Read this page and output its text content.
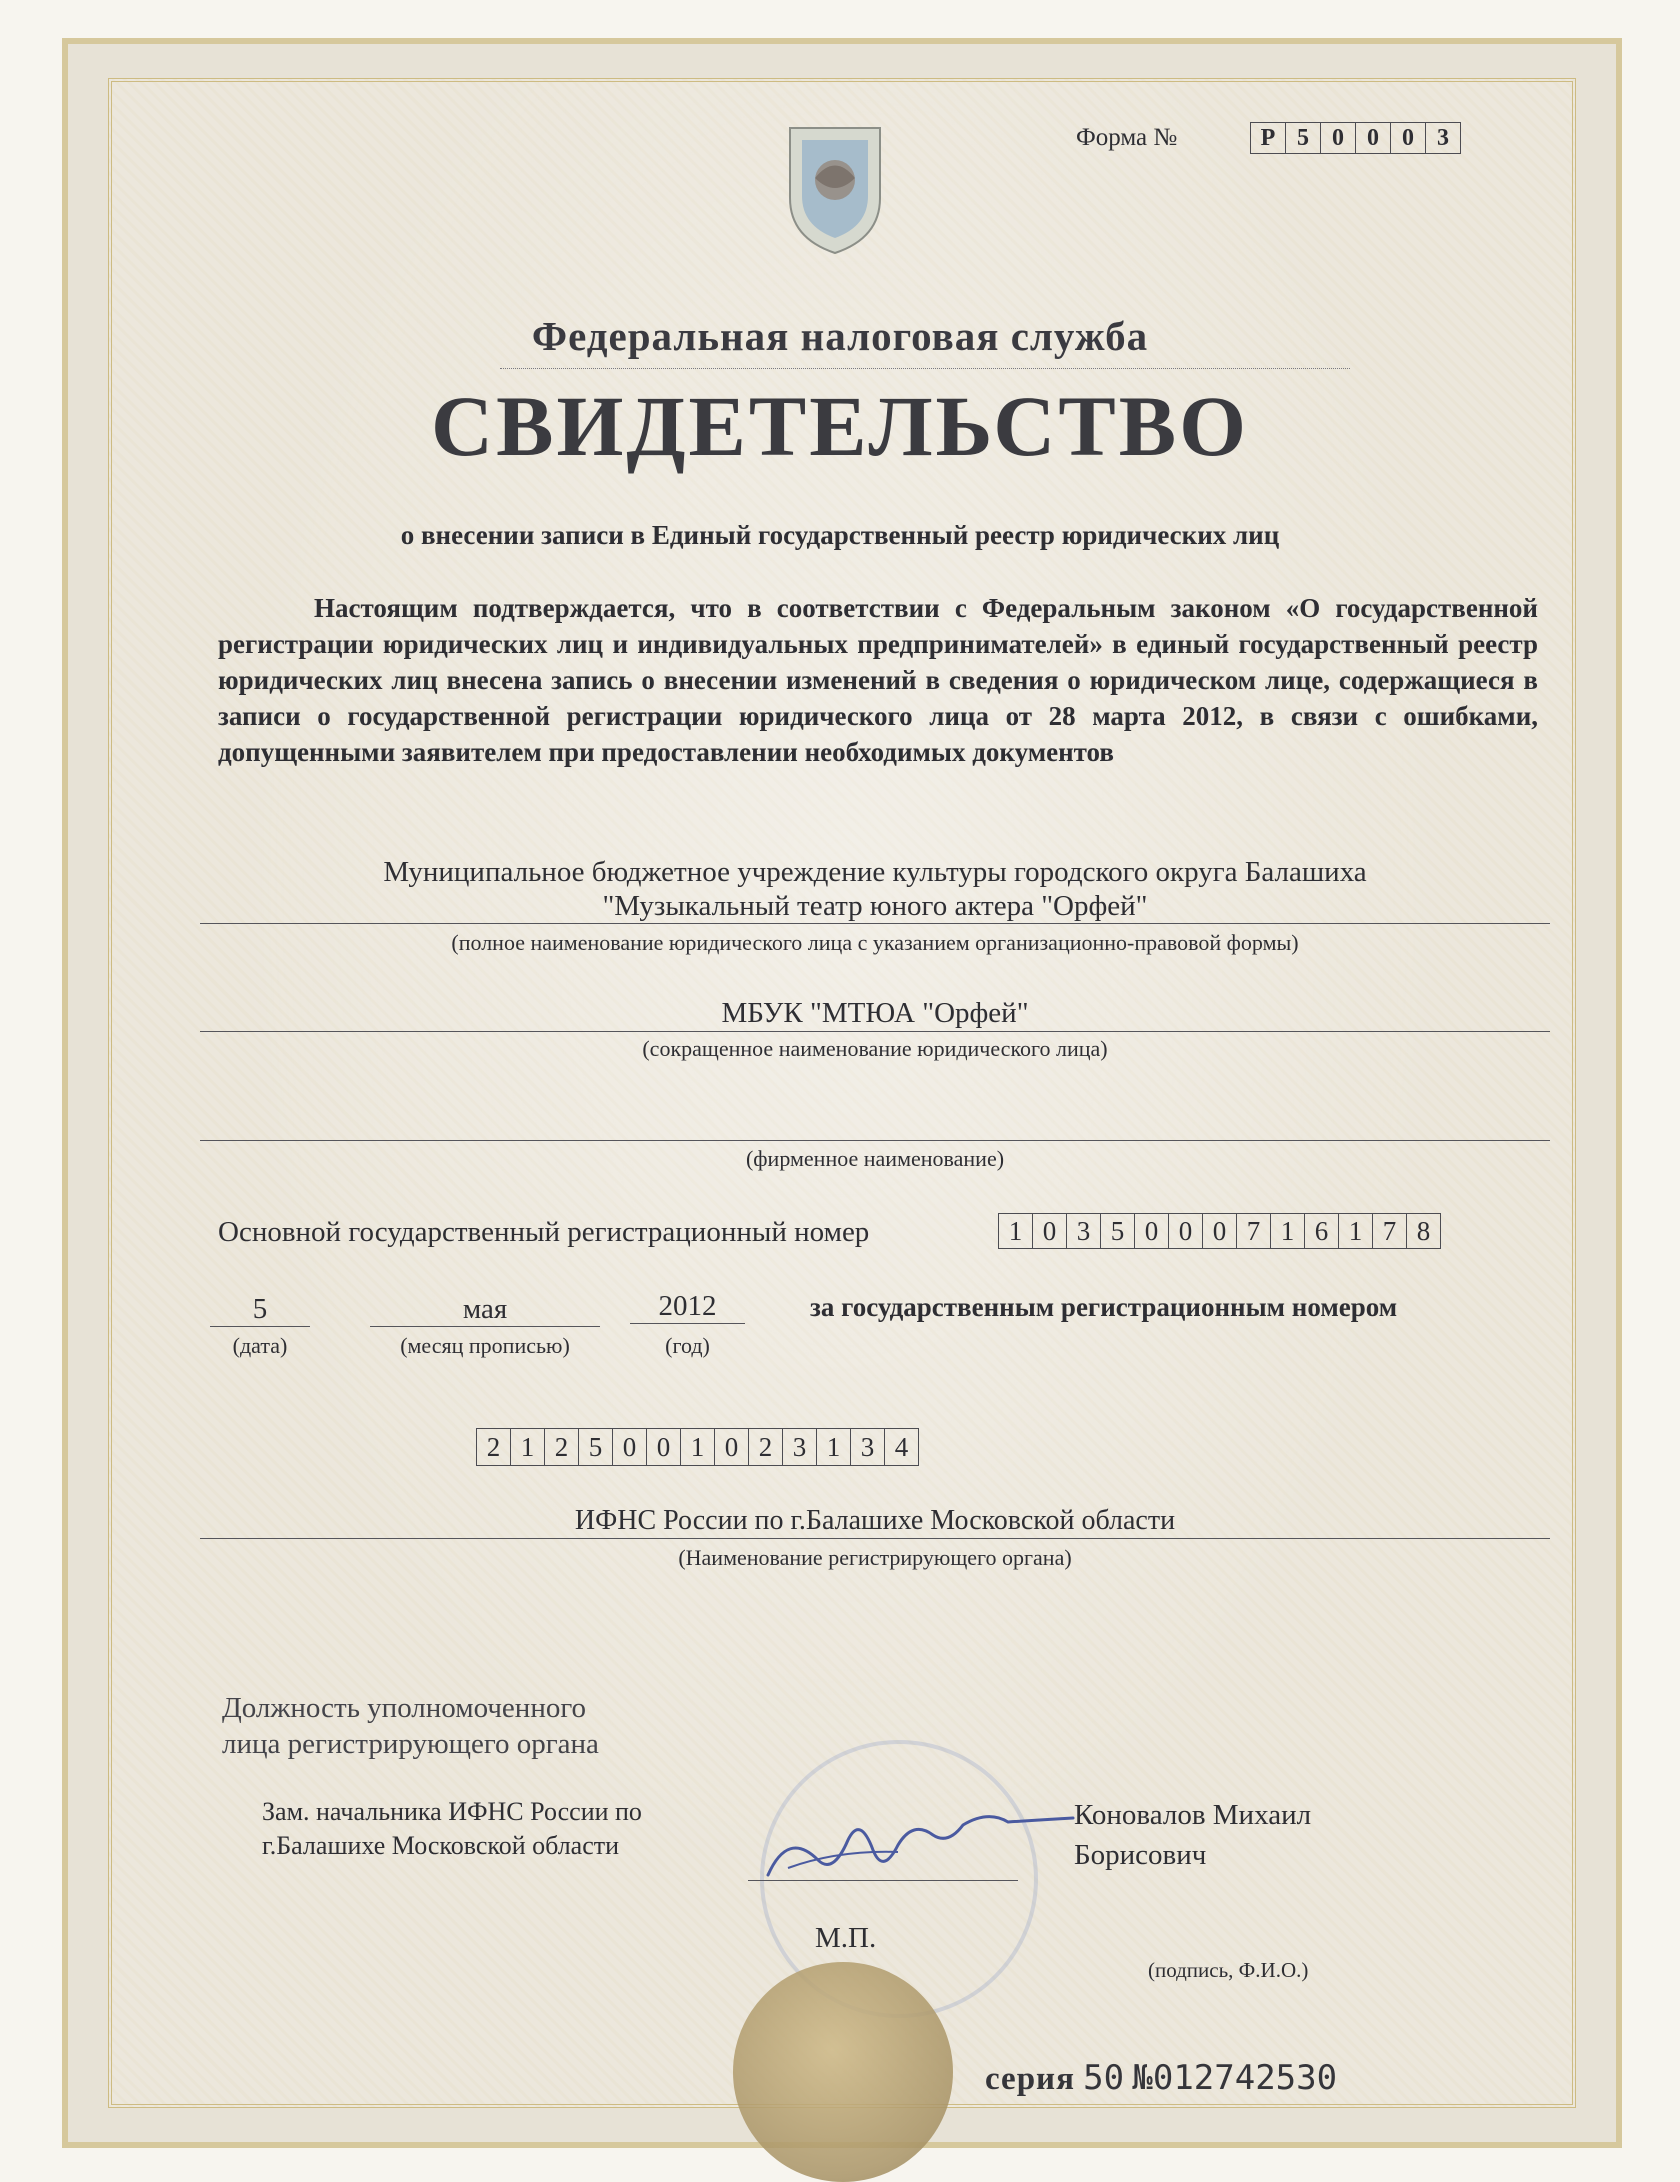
Форма №	Р 5 0 0 0 3
Федеральная налоговая служба
СВИДЕТЕЛЬСТВО
о внесении записи в Единый государственный реестр юридических лиц
Настоящим подтверждается, что в соответствии с Федеральным законом «О государственной регистрации юридических лиц и индивидуальных предпринимателей» в единый государственный реестр юридических лиц внесена запись о внесении изменений в сведения о юридическом лице, содержащиеся в записи о государственной регистрации юридического лица от 28 марта 2012, в связи с ошибками, допущенными заявителем при предоставлении необходимых документов
Муниципальное бюджетное учреждение культуры городского округа Балашиха
"Музыкальный театр юного актера "Орфей"
(полное наименование юридического лица с указанием организационно-правовой формы)
МБУК "МТЮА "Орфей"
(сокращенное наименование юридического лица)
(фирменное наименование)
Основной государственный регистрационный номер	1 0 3 5 0 0 0 7 1 6 1 7 8
5	мая	2012
(дата)	(месяц прописью)	(год)
за государственным регистрационным номером
2 1 2 5 0 0 1 0 2 3 1 3 4
ИФНС России по г.Балашихе Московской области
(Наименование регистрирующего органа)
Должность уполномоченного
лица регистрирующего органа
Зам. начальника ИФНС России по
г.Балашихе Московской области
Коновалов Михаил
Борисович
М.П.
(подпись, Ф.И.О.)
серия 50 №012742530
